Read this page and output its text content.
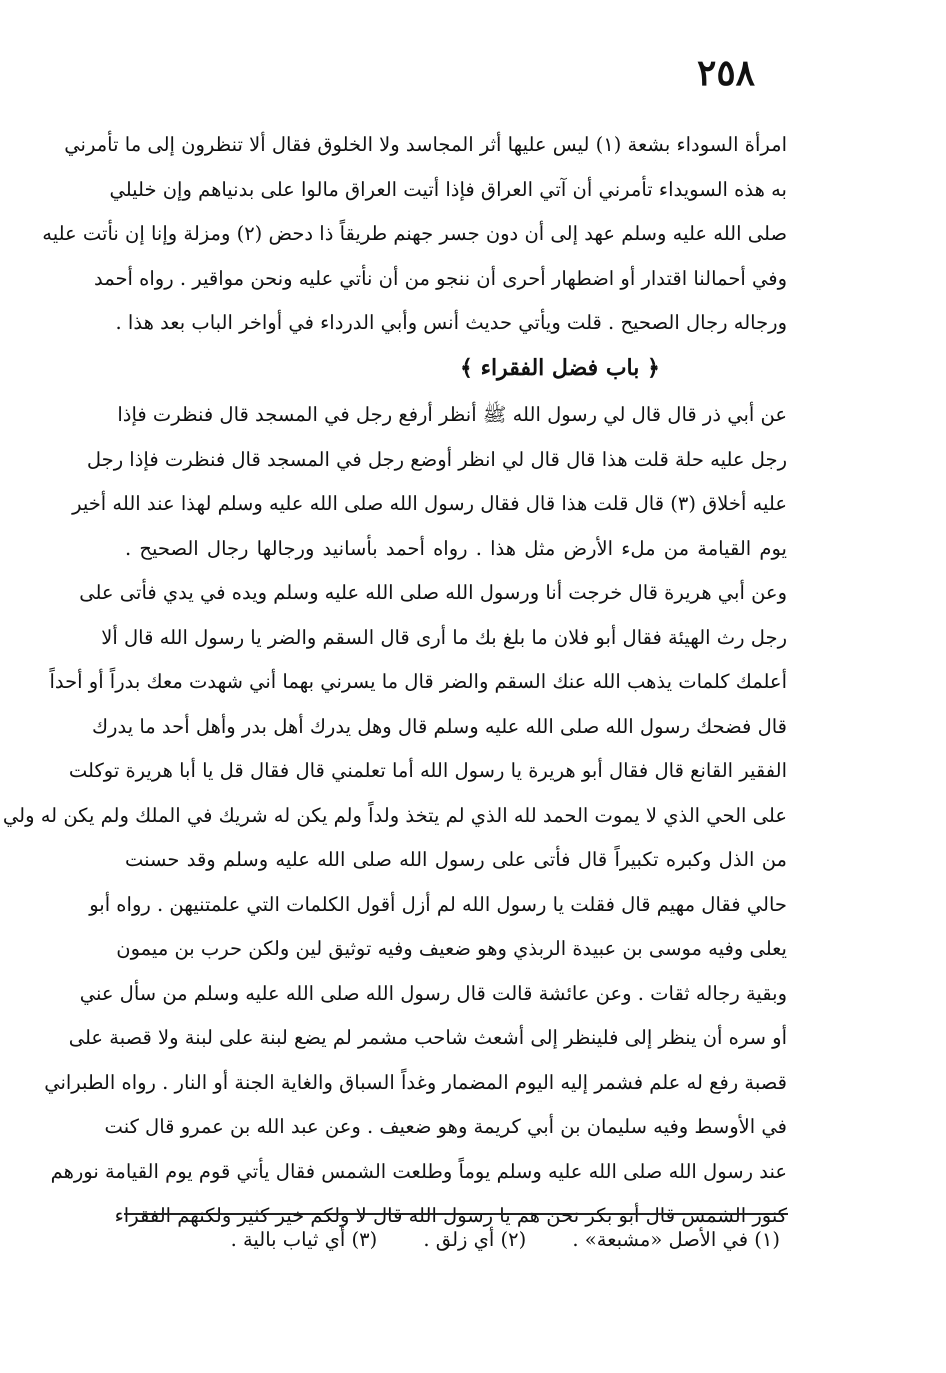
٢٥٨
امرأة السوداء بشعة (١) ليس عليها أثر المجاسد ولا الخلوق فقال ألا تنظرون إلى ما تأمرني
به هذه السويداء تأمرني أن آتي العراق فإذا أتيت العراق مالوا على بدنياهم وإن خليلي
صلى الله عليه وسلم عهد إلى أن دون جسر جهنم طريقاً ذا دحض (٢) ومزلة وإنا إن نأتت عليه
وفي أحمالنا اقتدار أو اضطهار أحرى أن ننجو من أن نأتي عليه ونحن مواقير . رواه أحمد
ورجاله رجال الصحيح . قلت ويأتي حديث أنس وأبي الدرداء في أواخر الباب بعد هذا .
﴿ باب فضل الفقراء ﴾
عن أبي ذر قال قال لي رسول الله ﷺ أنظر أرفع رجل في المسجد قال فنظرت فإذا
رجل عليه حلة قلت هذا قال قال لي انظر أوضع رجل في المسجد قال فنظرت فإذا رجل
عليه أخلاق (٣) قال قلت هذا قال فقال رسول الله صلى الله عليه وسلم لهذا عند الله أخير
يوم القيامة من ملء الأرض مثل هذا . رواه أحمد بأسانيد ورجالها رجال الصحيح .
وعن أبي هريرة قال خرجت أنا ورسول الله صلى الله عليه وسلم ويده في يدي فأتى على
رجل رث الهيئة فقال أبو فلان ما بلغ بك ما أرى قال السقم والضر يا رسول الله قال ألا
أعلمك كلمات يذهب الله عنك السقم والضر قال ما يسرني بهما أني شهدت معك بدراً أو أحداً
قال فضحك رسول الله صلى الله عليه وسلم قال وهل يدرك أهل بدر وأهل أحد ما يدرك
الفقير القانع قال فقال أبو هريرة يا رسول الله أما تعلمني قال فقال قل يا أبا هريرة توكلت
على الحي الذي لا يموت الحمد لله الذي لم يتخذ ولداً ولم يكن له شريك في الملك ولم يكن له ولي
من الذل وكبره تكبيراً قال فأتى على رسول الله صلى الله عليه وسلم وقد حسنت
حالي فقال مهيم قال فقلت يا رسول الله لم أزل أقول الكلمات التي علمتنيهن . رواه أبو
يعلى وفيه موسى بن عبيدة الربذي وهو ضعيف وفيه توثيق لين ولكن حرب بن ميمون
وبقية رجاله ثقات . وعن عائشة قالت قال رسول الله صلى الله عليه وسلم من سأل عني
أو سره أن ينظر إلى فلينظر إلى أشعث شاحب مشمر لم يضع لبنة على لبنة ولا قصبة على
قصبة رفع له علم فشمر إليه اليوم المضمار وغداً السباق والغاية الجنة أو النار . رواه الطبراني
في الأوسط وفيه سليمان بن أبي كريمة وهو ضعيف . وعن عبد الله بن عمرو قال كنت
عند رسول الله صلى الله عليه وسلم يوماً وطلعت الشمس فقال يأتي قوم يوم القيامة نورهم
كنور الشمس قال أبو بكر نحن هم يا رسول الله قال لا ولكم خير كثير ولكنهم الفقراء
(١) في الأصل «مشبعة» . (٢) أي زلق . (٣) أي ثياب بالية .
